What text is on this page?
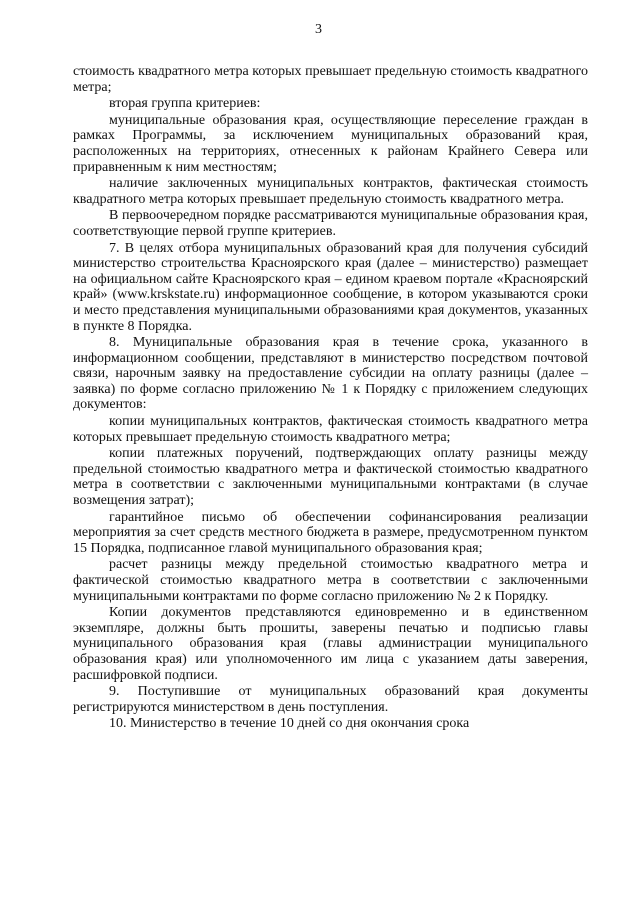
3

стоимость квадратного метра которых превышает предельную стоимость квадратного метра;

вторая группа критериев:

муниципальные образования края, осуществляющие переселение граждан в рамках Программы, за исключением муниципальных образований края, расположенных на территориях, отнесенных к районам Крайнего Севера или приравненным к ним местностям;

наличие заключенных муниципальных контрактов, фактическая стоимость квадратного метра которых превышает предельную стоимость квадратного метра.

В первоочередном порядке рассматриваются муниципальные образования края, соответствующие первой группе критериев.

7. В целях отбора муниципальных образований края для получения субсидий министерство строительства Красноярского края (далее – министерство) размещает на официальном сайте Красноярского края – едином краевом портале «Красноярский край» (www.krskstate.ru) информационное сообщение, в котором указываются сроки и место представления муниципальными образованиями края документов, указанных в пункте 8 Порядка.

8. Муниципальные образования края в течение срока, указанного в информационном сообщении, представляют в министерство посредством почтовой связи, нарочным заявку на предоставление субсидии на оплату разницы (далее – заявка) по форме согласно приложению № 1 к Порядку с приложением следующих документов:

копии муниципальных контрактов, фактическая стоимость квадратного метра которых превышает предельную стоимость квадратного метра;

копии платежных поручений, подтверждающих оплату разницы между предельной стоимостью квадратного метра и фактической стоимостью квадратного метра в соответствии с заключенными муниципальными контрактами (в случае возмещения затрат);

гарантийное письмо об обеспечении софинансирования реализации мероприятия за счет средств местного бюджета в размере, предусмотренном пунктом 15 Порядка, подписанное главой муниципального образования края;

расчет разницы между предельной стоимостью квадратного метра и фактической стоимостью квадратного метра в соответствии с заключенными муниципальными контрактами по форме согласно приложению № 2 к Порядку.

Копии документов представляются единовременно и в единственном экземпляре, должны быть прошиты, заверены печатью и подписью главы муниципального образования края (главы администрации муниципального образования края) или уполномоченного им лица с указанием даты заверения, расшифровкой подписи.

9. Поступившие от муниципальных образований края документы регистрируются министерством в день поступления.

10. Министерство в течение 10 дней со дня окончания срока
